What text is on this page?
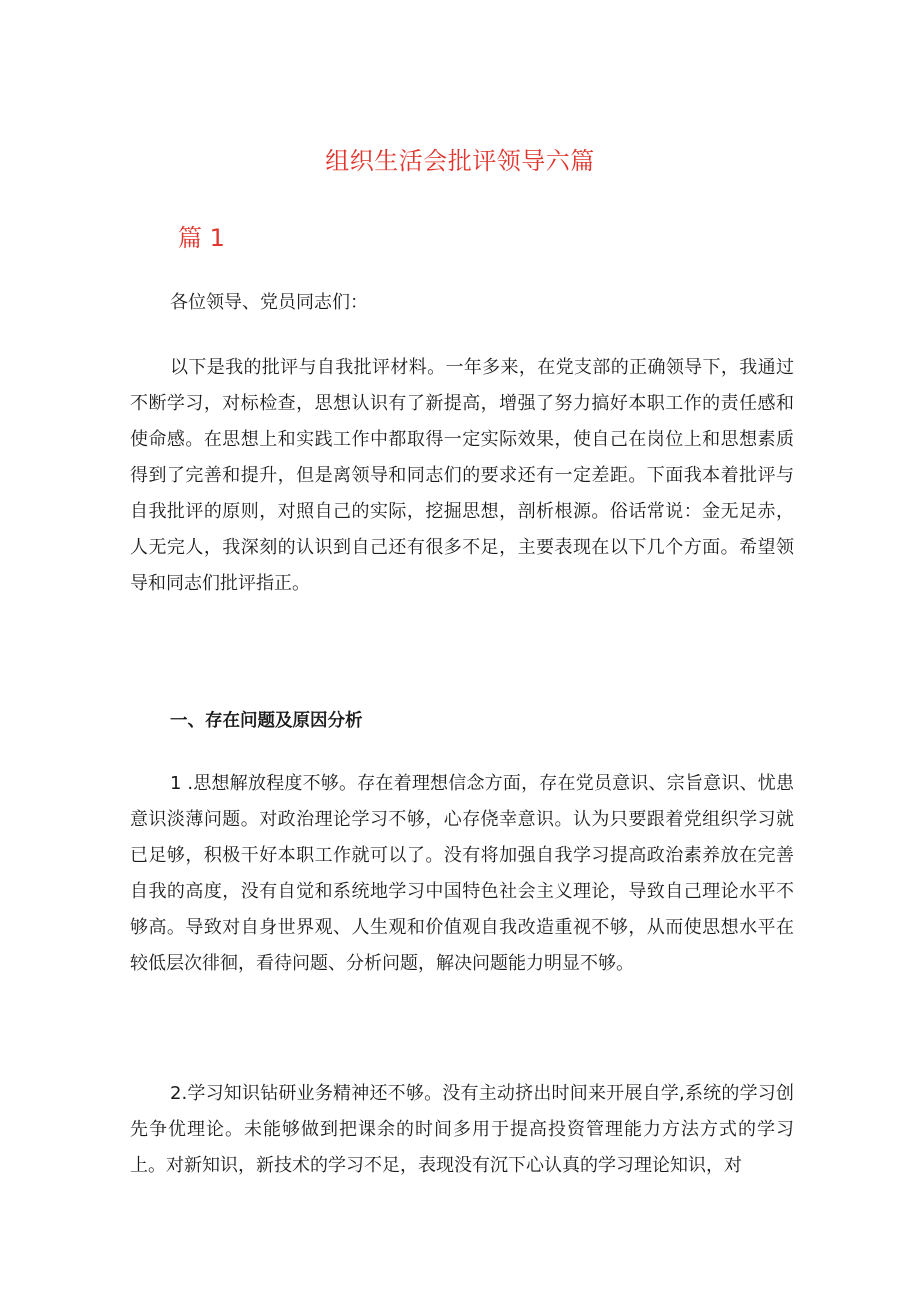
组织生活会批评领导六篇
篇 1
各位领导、党员同志们：

以下是我的批评与自我批评材料。一年多来，在党支部的正确领导下，我通过不断学习，对标检查，思想认识有了新提高，增强了努力搞好本职工作的责任感和使命感。在思想上和实践工作中都取得一定实际效果，使自己在岗位上和思想素质得到了完善和提升，但是离领导和同志们的要求还有一定差距。下面我本着批评与自我批评的原则，对照自己的实际，挖掘思想，剖析根源。俗话常说：金无足赤，人无完人，我深刻的认识到自己还有很多不足，主要表现在以下几个方面。希望领导和同志们批评指正。

一、存在问题及原因分析

1 .思想解放程度不够。存在着理想信念方面，存在党员意识、宗旨意识、忧患意识淡薄问题。对政治理论学习不够，心存侥幸意识。认为只要跟着党组织学习就已足够，积极干好本职工作就可以了。没有将加强自我学习提高政治素养放在完善自我的高度，没有自觉和系统地学习中国特色社会主义理论，导致自己理论水平不够高。导致对自身世界观、人生观和价值观自我改造重视不够，从而使思想水平在较低层次徘徊，看待问题、分析问题，解决问题能力明显不够。

2.学习知识钻研业务精神还不够。没有主动挤出时间来开展自学,系统的学习创先争优理论。未能够做到把课余的时间多用于提高投资管理能力方法方式的学习上。对新知识，新技术的学习不足，表现没有沉下心认真的学习理论知识，对
